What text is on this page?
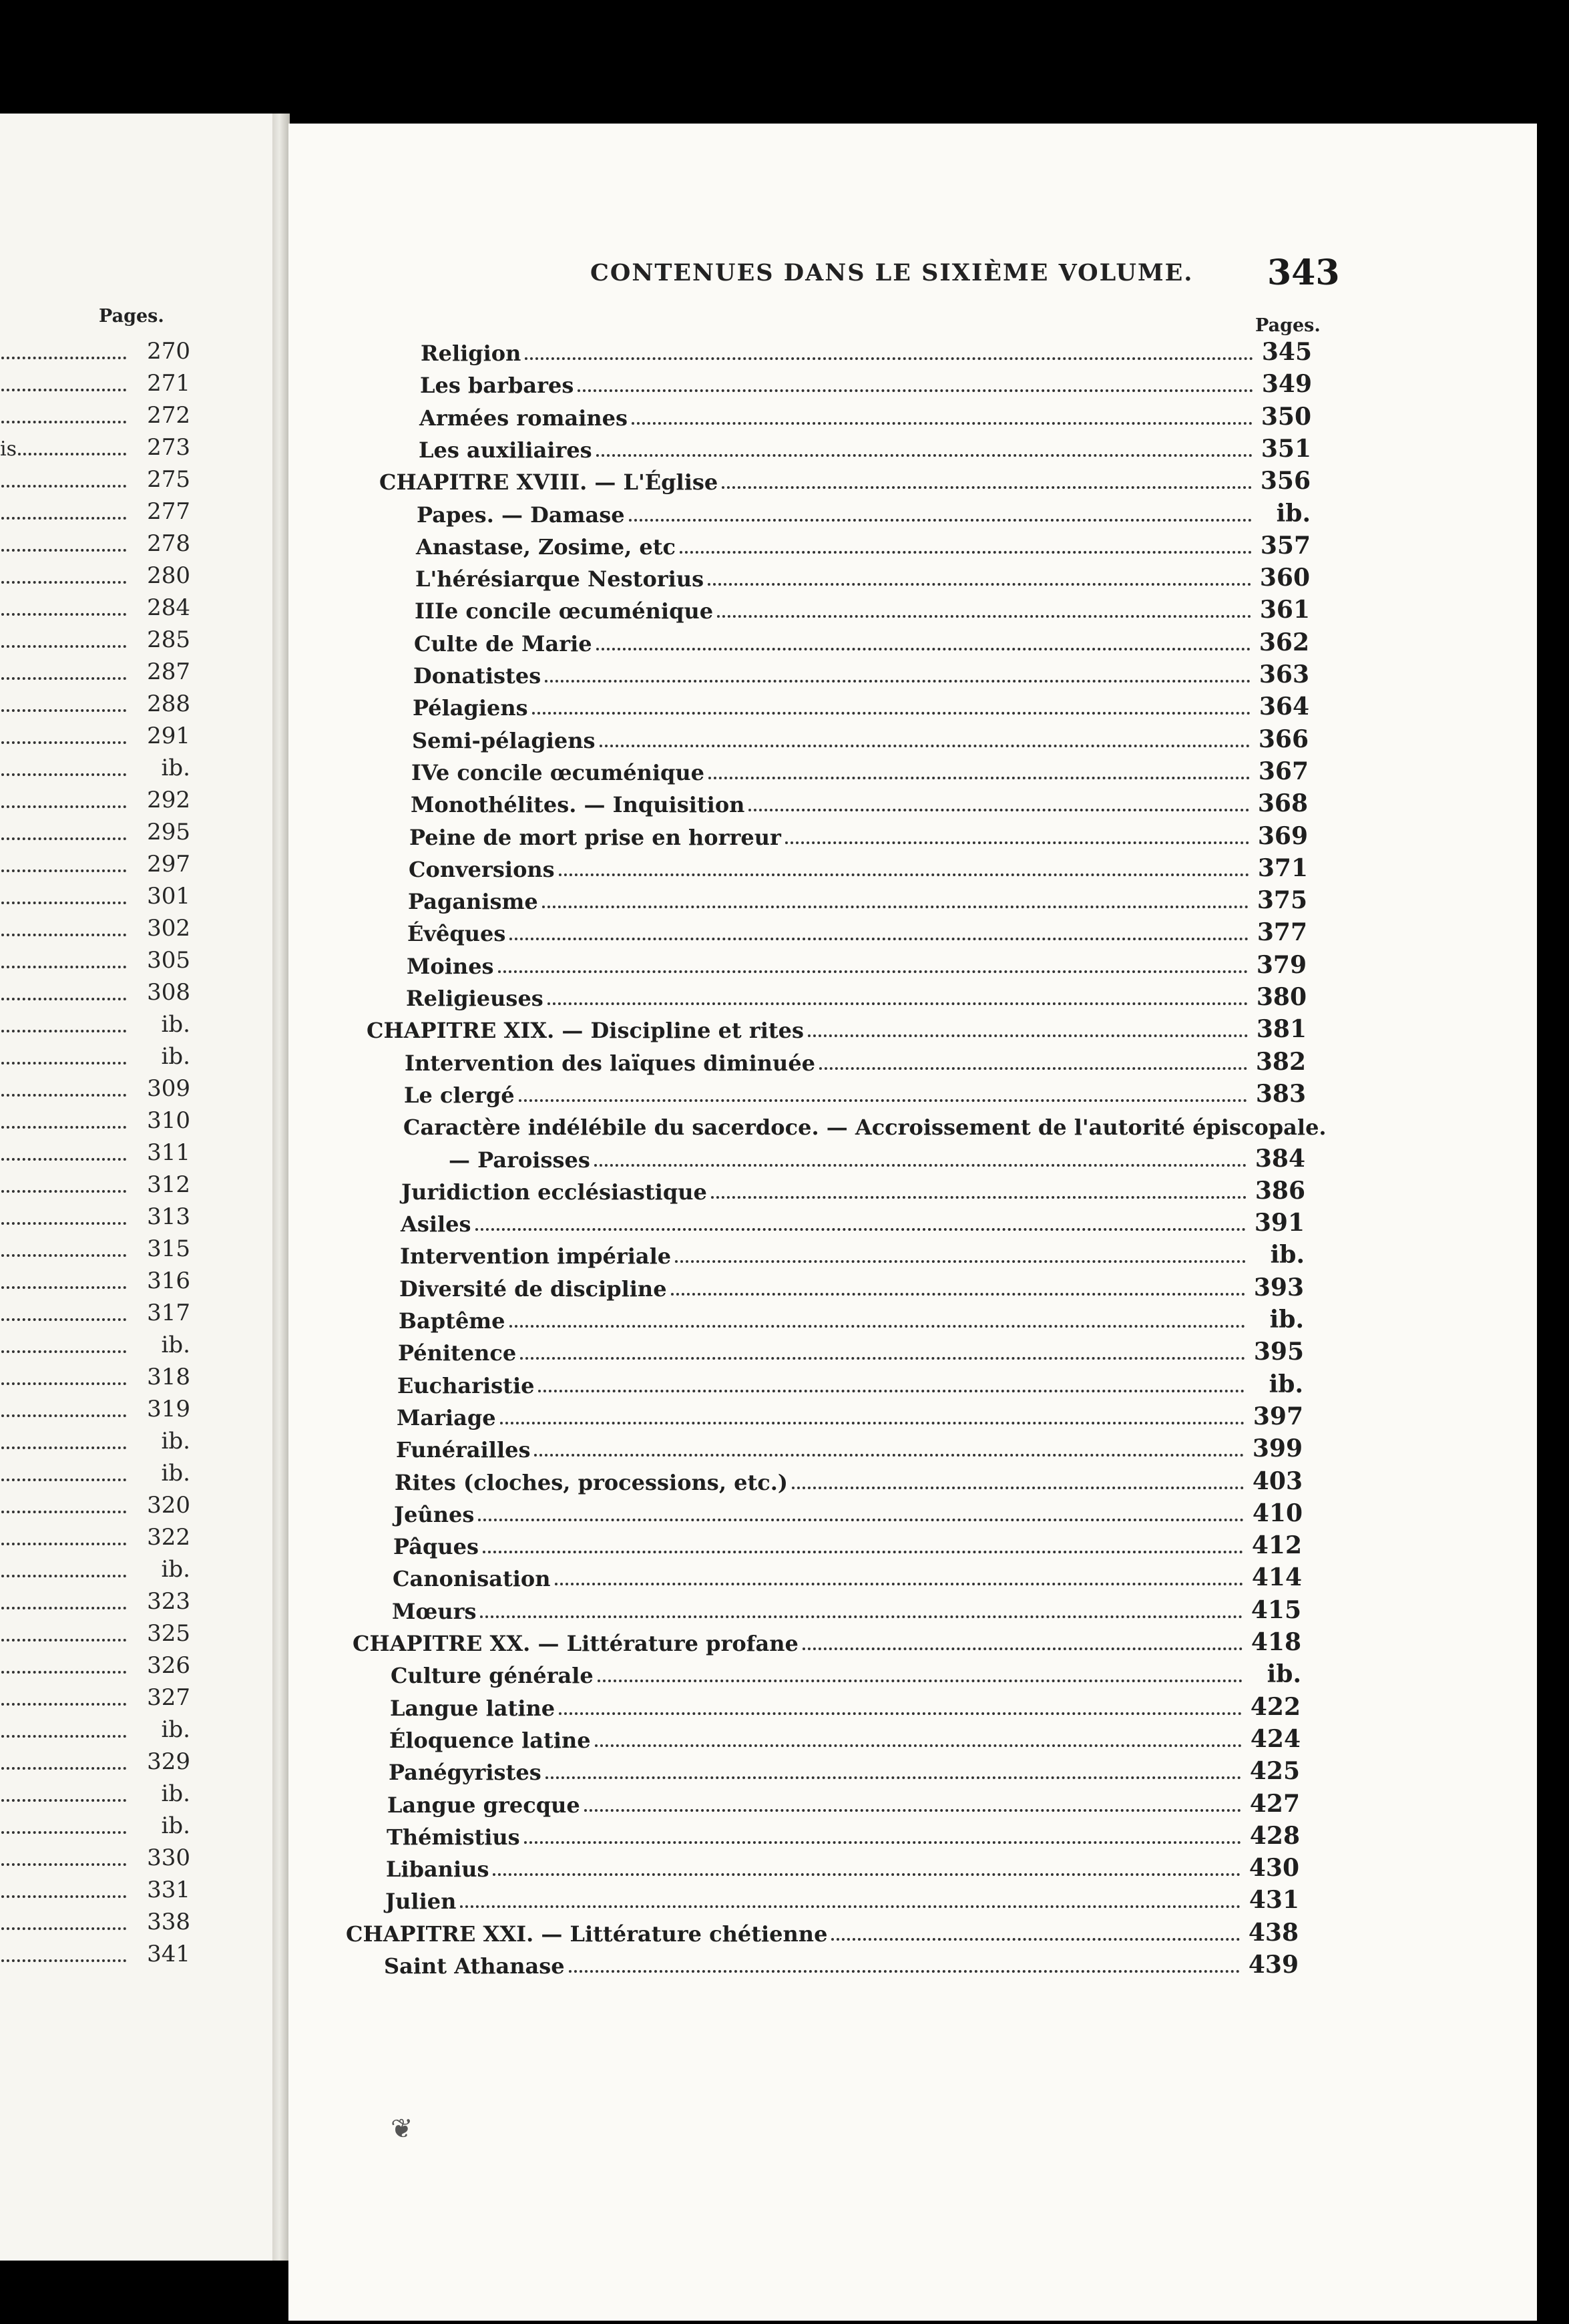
Pages.
270
271
272
is	273
275
277
278
280
284
285
287
288
291
ib.
292
295
297
301
302
305
308
ib.
ib.
309
310
311
312
313
315
316
317
ib.
318
319
ib.
ib.
320
322
ib.
323
325
326
327
ib.
329
ib.
ib.
330
331
338
341
CONTENUES DANS LE SIXIÈME VOLUME. 343
Pages.
Religion	345
Les barbares	349
Armées romaines	350
Les auxiliaires	351
CHAPITRE XVIII. — L'Église	356
Papes. — Damase	ib.
Anastase, Zosime, etc	357
L'hérésiarque Nestorius	360
IIIe concile œcuménique	361
Culte de Marie	362
Donatistes	363
Pélagiens	364
Semi-pélagiens	366
IVe concile œcuménique	367
Monothélites. — Inquisition	368
Peine de mort prise en horreur	369
Conversions	371
Paganisme	375
Évêques	377
Moines	379
Religieuses	380
CHAPITRE XIX. — Discipline et rites	381
Intervention des laïques diminuée	382
Le clergé	383
Caractère indélébile du sacerdoce. — Accroissement de l'autorité épiscopale.
— Paroisses	384
Juridiction ecclésiastique	386
Asiles	391
Intervention impériale	ib.
Diversité de discipline	393
Baptême	ib.
Pénitence	395
Eucharistie	ib.
Mariage	397
Funérailles	399
Rites (cloches, processions, etc.)	403
Jeûnes	410
Pâques	412
Canonisation	414
Mœurs	415
CHAPITRE XX. — Littérature profane	418
Culture générale	ib.
Langue latine	422
Éloquence latine	424
Panégyristes	425
Langue grecque	427
Thémistius	428
Libanius	430
Julien	431
CHAPITRE XXI. — Littérature chétienne	438
Saint Athanase	439
❦
